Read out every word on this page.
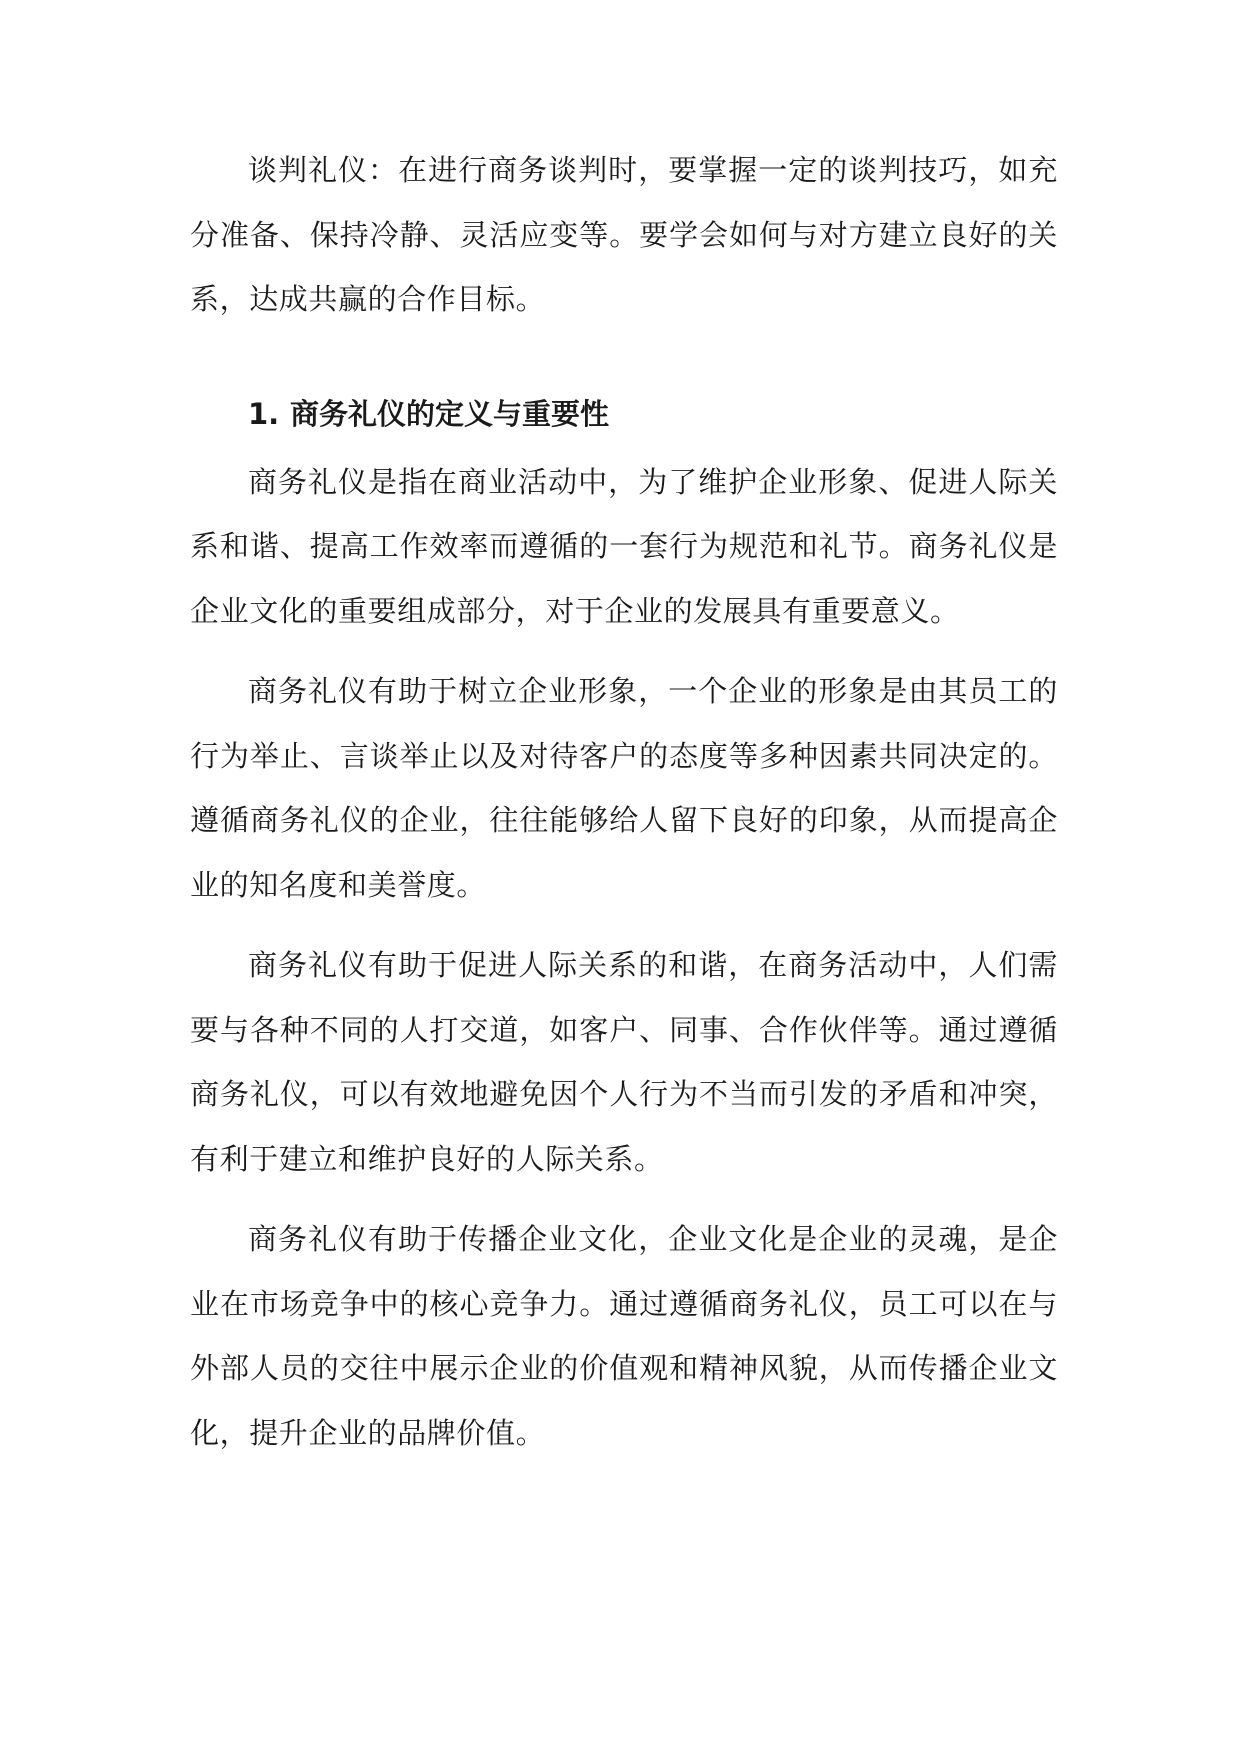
谈判礼仪：在进行商务谈判时，要掌握一定的谈判技巧，如充分准备、保持冷静、灵活应变等。要学会如何与对方建立良好的关系，达成共赢的合作目标。

1. 商务礼仪的定义与重要性

商务礼仪是指在商业活动中，为了维护企业形象、促进人际关系和谐、提高工作效率而遵循的一套行为规范和礼节。商务礼仪是企业文化的重要组成部分，对于企业的发展具有重要意义。

商务礼仪有助于树立企业形象，一个企业的形象是由其员工的行为举止、言谈举止以及对待客户的态度等多种因素共同决定的。遵循商务礼仪的企业，往往能够给人留下良好的印象，从而提高企业的知名度和美誉度。

商务礼仪有助于促进人际关系的和谐，在商务活动中，人们需要与各种不同的人打交道，如客户、同事、合作伙伴等。通过遵循商务礼仪，可以有效地避免因个人行为不当而引发的矛盾和冲突，有利于建立和维护良好的人际关系。

商务礼仪有助于传播企业文化，企业文化是企业的灵魂，是企业在市场竞争中的核心竞争力。通过遵循商务礼仪，员工可以在与外部人员的交往中展示企业的价值观和精神风貌，从而传播企业文化，提升企业的品牌价值。
